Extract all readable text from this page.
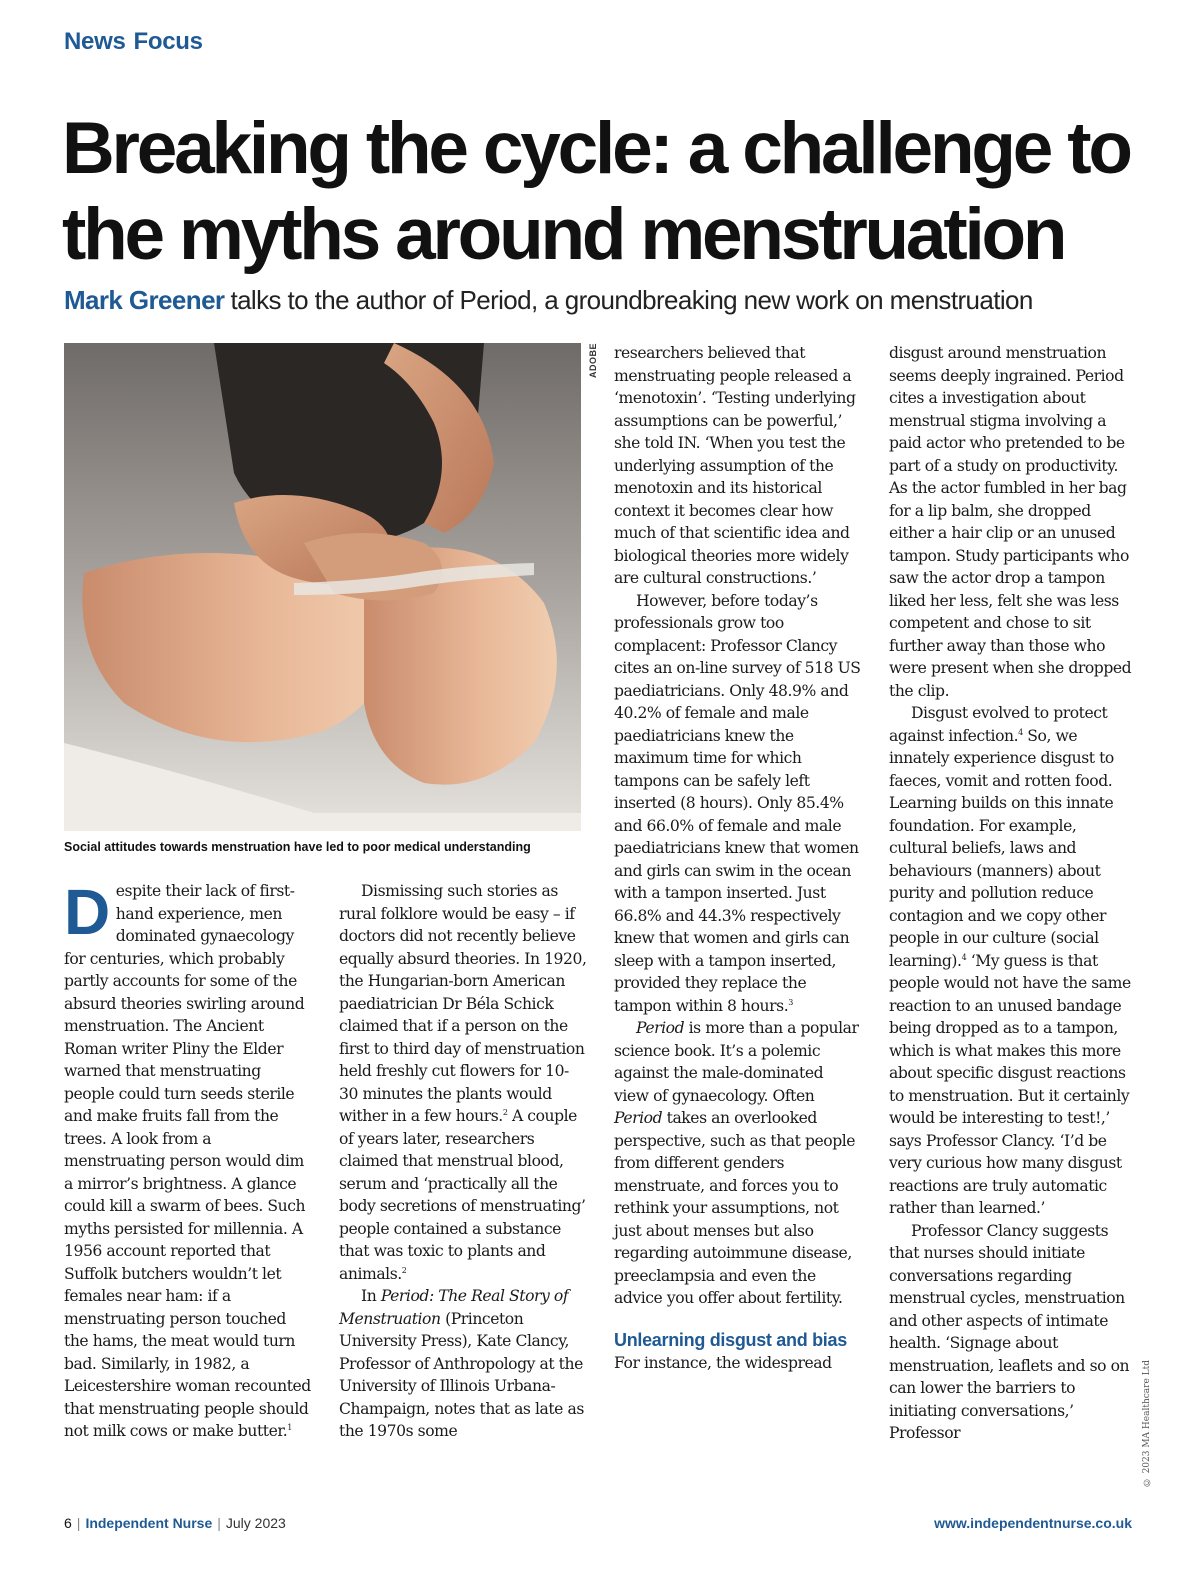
News Focus
Breaking the cycle: a challenge to the myths around menstruation
Mark Greener talks to the author of Period, a groundbreaking new work on menstruation
ADOBE
Social attitudes towards menstruation have led to poor medical understanding

Despite their lack of first-hand experience, men dominated gynaecology for centuries, which probably partly accounts for some of the absurd theories swirling around menstruation. The Ancient Roman writer Pliny the Elder warned that menstruating people could turn seeds sterile and make fruits fall from the trees. A look from a menstruating person would dim a mirror’s brightness. A glance could kill a swarm of bees. Such myths persisted for millennia. A 1956 account reported that Suffolk butchers wouldn’t let females near ham: if a menstruating person touched the hams, the meat would turn bad. Similarly, in 1982, a Leicestershire woman recounted that menstruating people should not milk cows or make butter.$^1$

Dismissing such stories as rural folklore would be easy – if doctors did not recently believe equally absurd theories. In 1920, the Hungarian-born American paediatrician Dr Béla Schick claimed that if a person on the first to third day of menstruation held freshly cut flowers for 10-30 minutes the plants would wither in a few hours.$^2$ A couple of years later, researchers claimed that menstrual blood, serum and ‘practically all the body secretions of menstruating’ people contained a substance that was toxic to plants and animals.$^2$

In Period: The Real Story of Menstruation (Princeton University Press), Kate Clancy, Professor of Anthropology at the University of Illinois Urbana-Champaign, notes that as late as the 1970s some

researchers believed that menstruating people released a ‘menotoxin’. ‘Testing underlying assumptions can be powerful,’ she told IN. ‘When you test the underlying assumption of the menotoxin and its historical context it becomes clear how much of that scientific idea and biological theories more widely are cultural constructions.’

However, before today’s professionals grow too complacent: Professor Clancy cites an on-line survey of 518 US paediatricians. Only 48.9% and 40.2% of female and male paediatricians knew the maximum time for which tampons can be safely left inserted (8 hours). Only 85.4% and 66.0% of female and male paediatricians knew that women and girls can swim in the ocean with a tampon inserted. Just 66.8% and 44.3% respectively knew that women and girls can sleep with a tampon inserted, provided they replace the tampon within 8 hours.$^3$

Period is more than a popular science book. It’s a polemic against the male-dominated view of gynaecology. Often Period takes an overlooked perspective, such as that people from different genders menstruate, and forces you to rethink your assumptions, not just about menses but also regarding autoimmune disease, preeclampsia and even the advice you offer about fertility.

Unlearning disgust and bias

For instance, the widespread

disgust around menstruation seems deeply ingrained. Period cites a investigation about menstrual stigma involving a paid actor who pretended to be part of a study on productivity. As the actor fumbled in her bag for a lip balm, she dropped either a hair clip or an unused tampon. Study participants who saw the actor drop a tampon liked her less, felt she was less competent and chose to sit further away than those who were present when she dropped the clip.

Disgust evolved to protect against infection.$^4$ So, we innately experience disgust to faeces, vomit and rotten food. Learning builds on this innate foundation. For example, cultural beliefs, laws and behaviours (manners) about purity and pollution reduce contagion and we copy other people in our culture (social learning).$^4$ ‘My guess is that people would not have the same reaction to an unused bandage being dropped as to a tampon, which is what makes this more about specific disgust reactions to menstruation. But it certainly would be interesting to test!,’ says Professor Clancy. ‘I’d be very curious how many disgust reactions are truly automatic rather than learned.’

Professor Clancy suggests that nurses should initiate conversations regarding menstrual cycles, menstruation and other aspects of intimate health. ‘Signage about menstruation, leaflets and so on can lower the barriers to initiating conversations,’ Professor	© 2023 MA Healthcare Ltd
6 | Independent Nurse | July 2023	www.independentnurse.co.uk
